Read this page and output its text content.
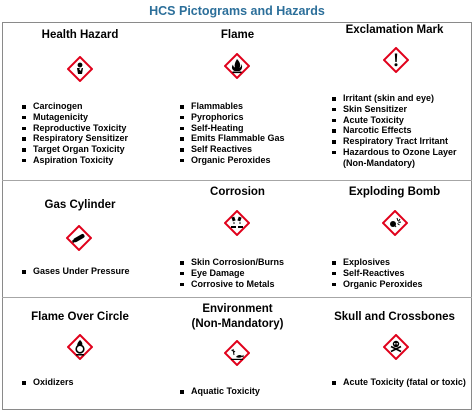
HCS Pictograms and Hazards
Health Hazard
Carcinogen
Mutagenicity
Reproductive Toxicity
Respiratory Sensitizer
Target Organ Toxicity
Aspiration Toxicity
Flame
Flammables
Pyrophorics
Self-Heating
Emits Flammable Gas
Self Reactives
Organic Peroxides
Exclamation Mark
Irritant (skin and eye)
Skin Sensitizer
Acute Toxicity
Narcotic Effects
Respiratory Tract Irritant
Hazardous to Ozone Layer
(Non-Mandatory)
Gas Cylinder
Gases Under Pressure
Corrosion
Skin Corrosion/Burns
Eye Damage
Corrosive to Metals
Exploding Bomb
Explosives
Self-Reactives
Organic Peroxides
Flame Over Circle
Oxidizers
Environment
(Non-Mandatory)
Aquatic Toxicity
Skull and Crossbones
Acute Toxicity (fatal or toxic)
